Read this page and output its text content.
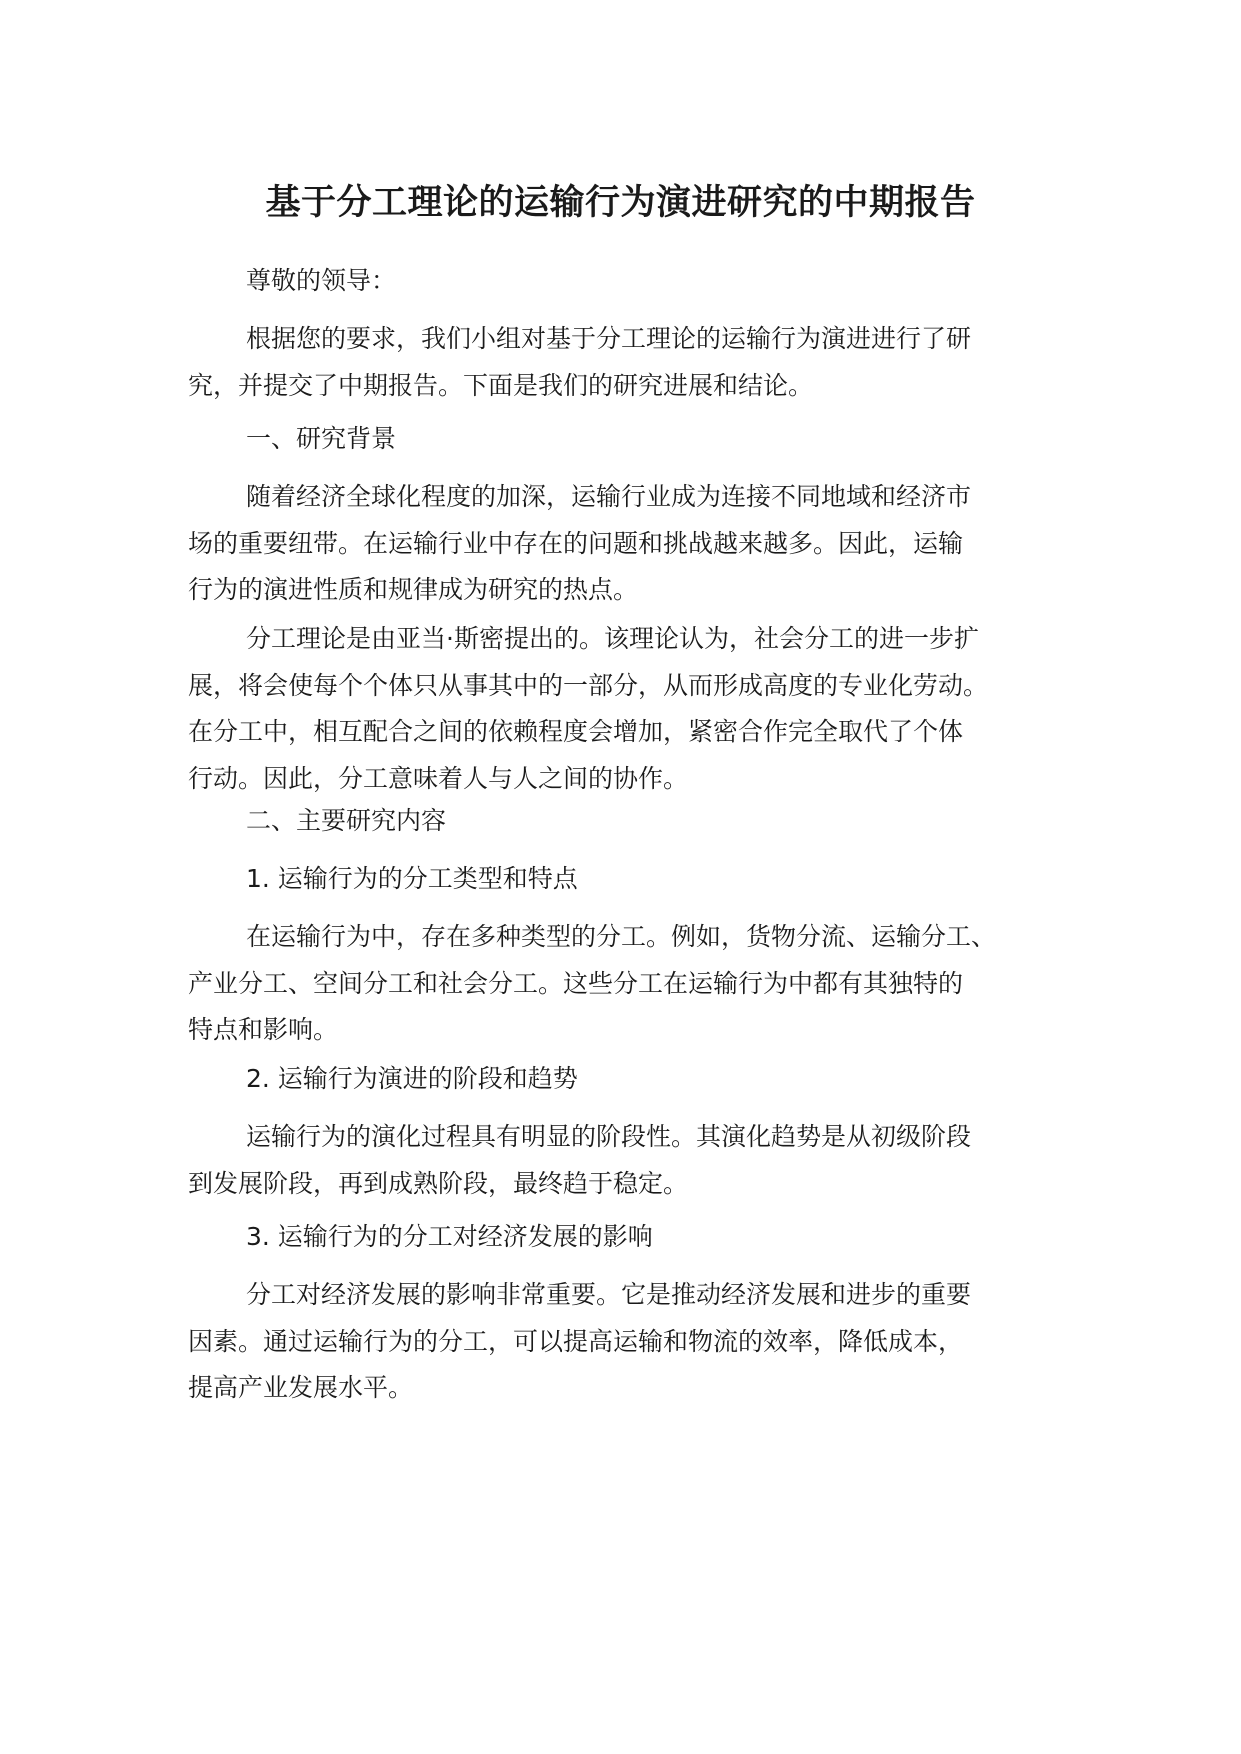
基于分工理论的运输行为演进研究的中期报告
尊敬的领导：
根据您的要求，我们小组对基于分工理论的运输行为演进进行了研
究，并提交了中期报告。下面是我们的研究进展和结论。
一、研究背景
随着经济全球化程度的加深，运输行业成为连接不同地域和经济市
场的重要纽带。在运输行业中存在的问题和挑战越来越多。因此，运输
行为的演进性质和规律成为研究的热点。
分工理论是由亚当·斯密提出的。该理论认为，社会分工的进一步扩
展，将会使每个个体只从事其中的一部分，从而形成高度的专业化劳动。
在分工中，相互配合之间的依赖程度会增加，紧密合作完全取代了个体
行动。因此，分工意味着人与人之间的协作。
二、主要研究内容
1. 运输行为的分工类型和特点
在运输行为中，存在多种类型的分工。例如，货物分流、运输分工、
产业分工、空间分工和社会分工。这些分工在运输行为中都有其独特的
特点和影响。
2. 运输行为演进的阶段和趋势
运输行为的演化过程具有明显的阶段性。其演化趋势是从初级阶段
到发展阶段，再到成熟阶段，最终趋于稳定。
3. 运输行为的分工对经济发展的影响
分工对经济发展的影响非常重要。它是推动经济发展和进步的重要
因素。通过运输行为的分工，可以提高运输和物流的效率，降低成本，
提高产业发展水平。
